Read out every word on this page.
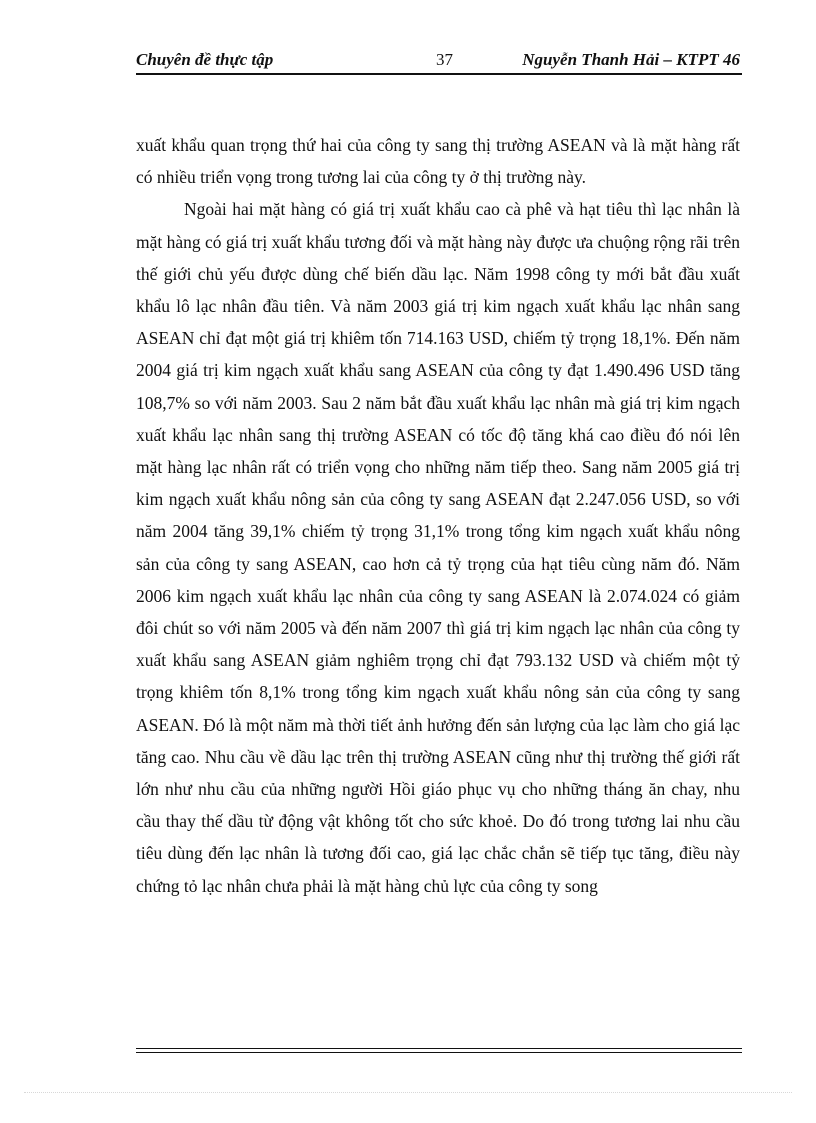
Chuyên đề thực tập	37	Nguyễn Thanh Hải – KTPT 46

xuất khẩu quan trọng thứ hai của công ty sang thị trường ASEAN và là mặt hàng rất có nhiều triển vọng trong tương lai của công ty ở thị trường này.

Ngoài hai mặt hàng có giá trị xuất khẩu cao cà phê và hạt tiêu thì lạc nhân là mặt hàng có giá trị xuất khẩu tương đối và mặt hàng này được ưa chuộng rộng rãi trên thế giới chủ yếu được dùng chế biến dầu lạc. Năm 1998 công ty mới bắt đầu xuất khẩu lô lạc nhân đầu tiên. Và năm 2003 giá trị kim ngạch xuất khẩu lạc nhân sang ASEAN chỉ đạt một giá trị khiêm tốn 714.163 USD, chiếm tỷ trọng 18,1%. Đến năm 2004 giá trị kim ngạch xuất khẩu sang ASEAN của công ty đạt 1.490.496 USD tăng 108,7% so với năm 2003. Sau 2 năm bắt đầu xuất khẩu lạc nhân mà giá trị kim ngạch xuất khẩu lạc nhân sang thị trường ASEAN có tốc độ tăng khá cao điều đó nói lên mặt hàng lạc nhân rất có triển vọng cho những năm tiếp theo. Sang năm 2005 giá trị kim ngạch xuất khẩu nông sản của công ty sang ASEAN đạt 2.247.056 USD, so với năm 2004 tăng 39,1% chiếm tỷ trọng 31,1% trong tổng kim ngạch xuất khẩu nông sản của công ty sang ASEAN, cao hơn cả tỷ trọng của hạt tiêu cùng năm đó. Năm 2006 kim ngạch xuất khẩu lạc nhân của công ty sang ASEAN là 2.074.024 có giảm đôi chút so với năm 2005 và đến năm 2007 thì giá trị kim ngạch lạc nhân của công ty xuất khẩu sang ASEAN giảm nghiêm trọng chỉ đạt 793.132 USD và chiếm một tỷ trọng khiêm tốn 8,1% trong tổng kim ngạch xuất khẩu nông sản của công ty sang ASEAN. Đó là một năm mà thời tiết ảnh hưởng đến sản lượng của lạc làm cho giá lạc tăng cao. Nhu cầu về dầu lạc trên thị trường ASEAN cũng như thị trường thế giới rất lớn như nhu cầu của những người Hồi giáo phục vụ cho những tháng ăn chay, nhu cầu thay thế dầu từ động vật không tốt cho sức khoẻ. Do đó trong tương lai nhu cầu tiêu dùng đến lạc nhân là tương đối cao, giá lạc chắc chắn sẽ tiếp tục tăng, điều này chứng tỏ lạc nhân chưa phải là mặt hàng chủ lực của công ty song
